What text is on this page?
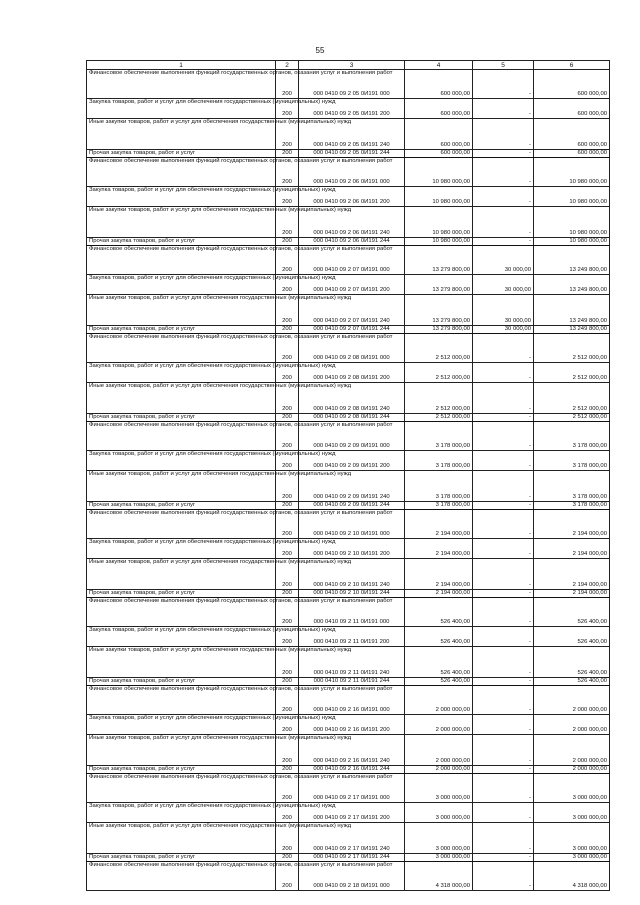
55
1	2	3	4	5	6
Финансовое обеспечение выполнения функций государственных органов, оказания услуг и выполнения работ	200	000 0410 09 2 05 0И191 000	600 000,00	-	600 000,00
Закупка товаров, работ и услуг для обеспечения государственных (муниципальных) нужд	200	000 0410 09 2 05 0И191 200	600 000,00	-	600 000,00
Иные закупки товаров, работ и услуг для обеспечения государственных (муниципальных) нужд	200	000 0410 09 2 05 0И191 240	600 000,00	-	600 000,00
Прочая закупка товаров, работ и услуг	200	000 0410 09 2 05 0И191 244	600 000,00	-	600 000,00
Финансовое обеспечение выполнения функций государственных органов, оказания услуг и выполнения работ	200	000 0410 09 2 06 0И191 000	10 980 000,00	-	10 980 000,00
Закупка товаров, работ и услуг для обеспечения государственных (муниципальных) нужд	200	000 0410 09 2 06 0И191 200	10 980 000,00	-	10 980 000,00
Иные закупки товаров, работ и услуг для обеспечения государственных (муниципальных) нужд	200	000 0410 09 2 06 0И191 240	10 980 000,00	-	10 980 000,00
Прочая закупка товаров, работ и услуг	200	000 0410 09 2 06 0И191 244	10 980 000,00	-	10 980 000,00
Финансовое обеспечение выполнения функций государственных органов, оказания услуг и выполнения работ	200	000 0410 09 2 07 0И191 000	13 279 800,00	30 000,00	13 249 800,00
Закупка товаров, работ и услуг для обеспечения государственных (муниципальных) нужд	200	000 0410 09 2 07 0И191 200	13 279 800,00	30 000,00	13 249 800,00
Иные закупки товаров, работ и услуг для обеспечения государственных (муниципальных) нужд	200	000 0410 09 2 07 0И191 240	13 279 800,00	30 000,00	13 249 800,00
Прочая закупка товаров, работ и услуг	200	000 0410 09 2 07 0И191 244	13 279 800,00	30 000,00	13 249 800,00
Финансовое обеспечение выполнения функций государственных органов, оказания услуг и выполнения работ	200	000 0410 09 2 08 0И191 000	2 512 000,00	-	2 512 000,00
Закупка товаров, работ и услуг для обеспечения государственных (муниципальных) нужд	200	000 0410 09 2 08 0И191 200	2 512 000,00	-	2 512 000,00
Иные закупки товаров, работ и услуг для обеспечения государственных (муниципальных) нужд	200	000 0410 09 2 08 0И191 240	2 512 000,00	-	2 512 000,00
Прочая закупка товаров, работ и услуг	200	000 0410 09 2 08 0И191 244	2 512 000,00	-	2 512 000,00
Финансовое обеспечение выполнения функций государственных органов, оказания услуг и выполнения работ	200	000 0410 09 2 09 0И191 000	3 178 000,00	-	3 178 000,00
Закупка товаров, работ и услуг для обеспечения государственных (муниципальных) нужд	200	000 0410 09 2 09 0И191 200	3 178 000,00	-	3 178 000,00
Иные закупки товаров, работ и услуг для обеспечения государственных (муниципальных) нужд	200	000 0410 09 2 09 0И191 240	3 178 000,00	-	3 178 000,00
Прочая закупка товаров, работ и услуг	200	000 0410 09 2 09 0И191 244	3 178 000,00	-	3 178 000,00
Финансовое обеспечение выполнения функций государственных органов, оказания услуг и выполнения работ	200	000 0410 09 2 10 0И191 000	2 194 000,00	-	2 194 000,00
Закупка товаров, работ и услуг для обеспечения государственных (муниципальных) нужд	200	000 0410 09 2 10 0И191 200	2 194 000,00	-	2 194 000,00
Иные закупки товаров, работ и услуг для обеспечения государственных (муниципальных) нужд	200	000 0410 09 2 10 0И191 240	2 194 000,00	-	2 194 000,00
Прочая закупка товаров, работ и услуг	200	000 0410 09 2 10 0И191 244	2 194 000,00	-	2 194 000,00
Финансовое обеспечение выполнения функций государственных органов, оказания услуг и выполнения работ	200	000 0410 09 2 11 0И191 000	526 400,00	-	526 400,00
Закупка товаров, работ и услуг для обеспечения государственных (муниципальных) нужд	200	000 0410 09 2 11 0И191 200	526 400,00	-	526 400,00
Иные закупки товаров, работ и услуг для обеспечения государственных (муниципальных) нужд	200	000 0410 09 2 11 0И191 240	526 400,00	-	526 400,00
Прочая закупка товаров, работ и услуг	200	000 0410 09 2 11 0И191 244	526 400,00	-	526 400,00
Финансовое обеспечение выполнения функций государственных органов, оказания услуг и выполнения работ	200	000 0410 09 2 16 0И191 000	2 000 000,00	-	2 000 000,00
Закупка товаров, работ и услуг для обеспечения государственных (муниципальных) нужд	200	000 0410 09 2 16 0И191 200	2 000 000,00	-	2 000 000,00
Иные закупки товаров, работ и услуг для обеспечения государственных (муниципальных) нужд	200	000 0410 09 2 16 0И191 240	2 000 000,00	-	2 000 000,00
Прочая закупка товаров, работ и услуг	200	000 0410 09 2 16 0И191 244	2 000 000,00	-	2 000 000,00
Финансовое обеспечение выполнения функций государственных органов, оказания услуг и выполнения работ	200	000 0410 09 2 17 0И191 000	3 000 000,00	-	3 000 000,00
Закупка товаров, работ и услуг для обеспечения государственных (муниципальных) нужд	200	000 0410 09 2 17 0И191 200	3 000 000,00	-	3 000 000,00
Иные закупки товаров, работ и услуг для обеспечения государственных (муниципальных) нужд	200	000 0410 09 2 17 0И191 240	3 000 000,00	-	3 000 000,00
Прочая закупка товаров, работ и услуг	200	000 0410 09 2 17 0И191 244	3 000 000,00	-	3 000 000,00
Финансовое обеспечение выполнения функций государственных органов, оказания услуг и выполнения работ	200	000 0410 09 2 18 0И191 000	4 318 000,00	-	4 318 000,00
